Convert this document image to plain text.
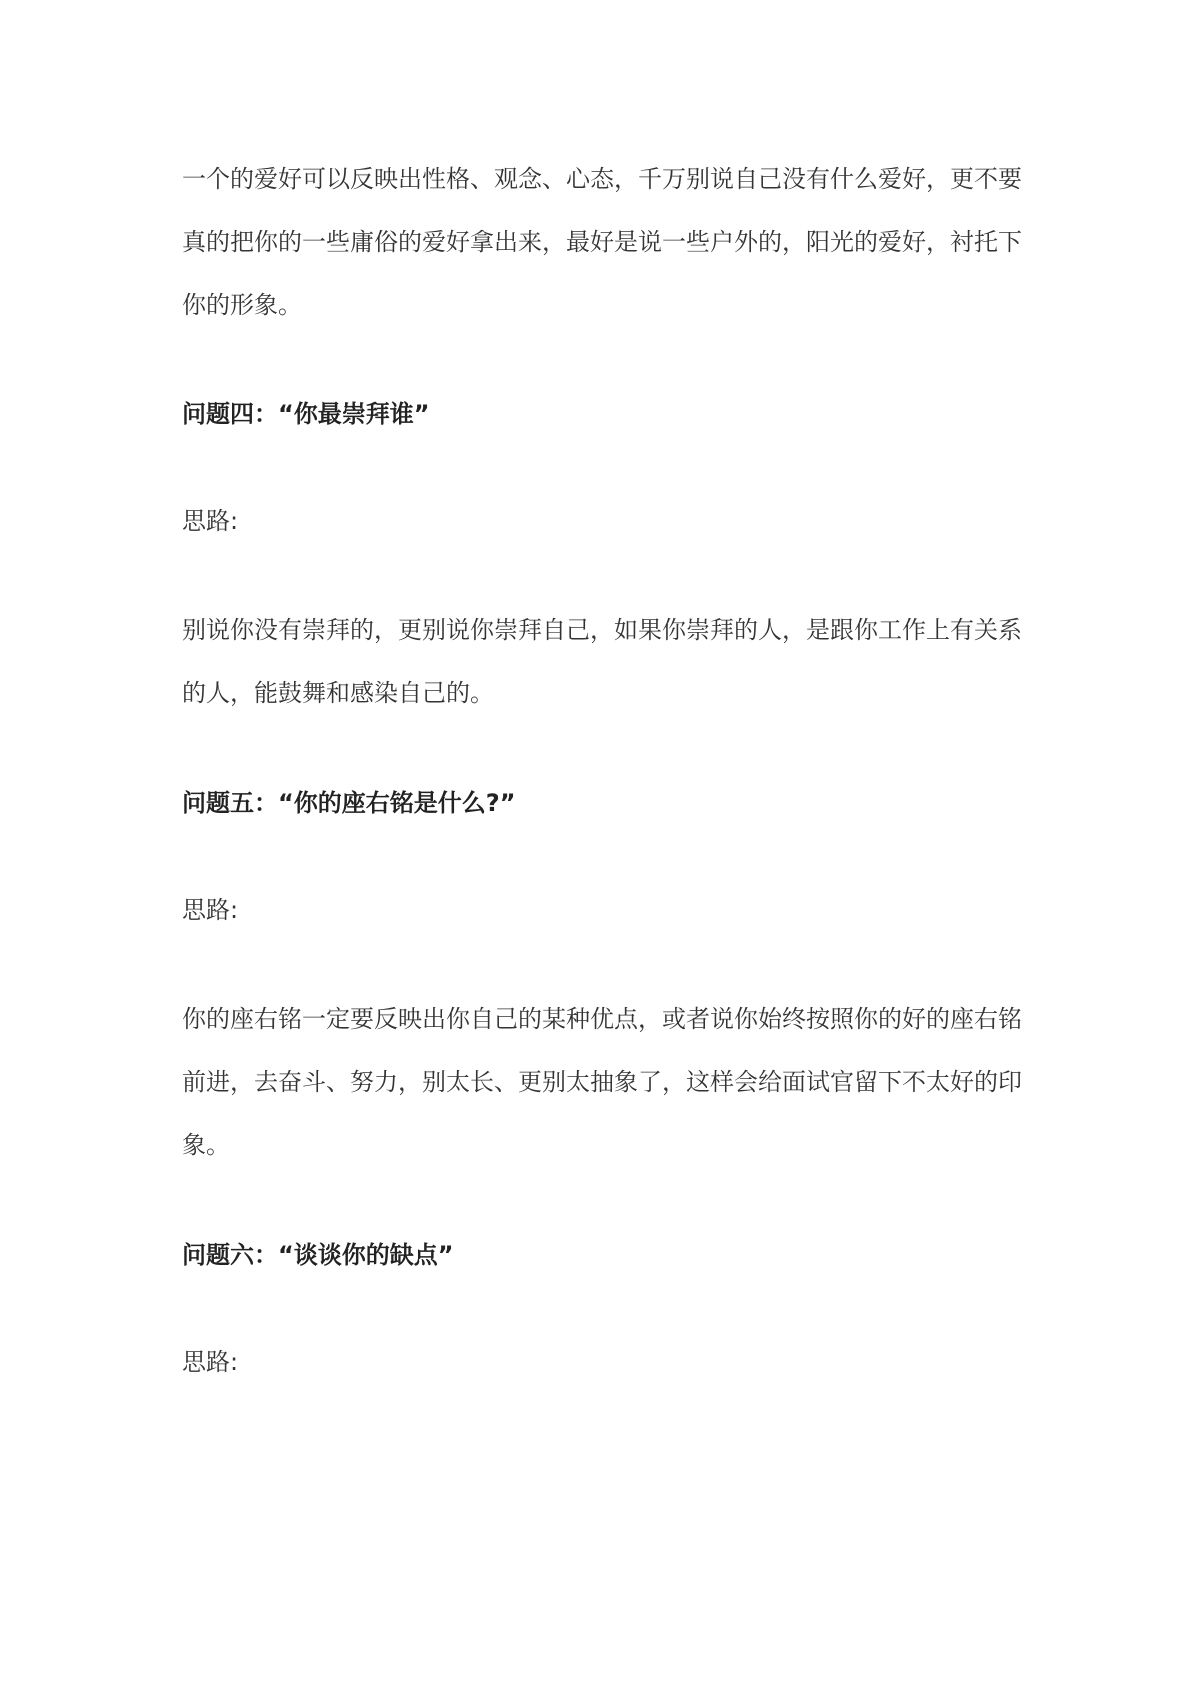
一个的爱好可以反映出性格、观念、心态，千万别说自己没有什么爱好，更不要
真的把你的一些庸俗的爱好拿出来，最好是说一些户外的，阳光的爱好，衬托下
你的形象。
问题四：“你最崇拜谁”
思路:
别说你没有崇拜的，更别说你崇拜自己，如果你崇拜的人，是跟你工作上有关系
的人，能鼓舞和感染自己的。
问题五：“你的座右铭是什么?”
思路:
你的座右铭一定要反映出你自己的某种优点，或者说你始终按照你的好的座右铭
前进，去奋斗、努力，别太长、更别太抽象了，这样会给面试官留下不太好的印
象。
问题六：“谈谈你的缺点”
思路:
